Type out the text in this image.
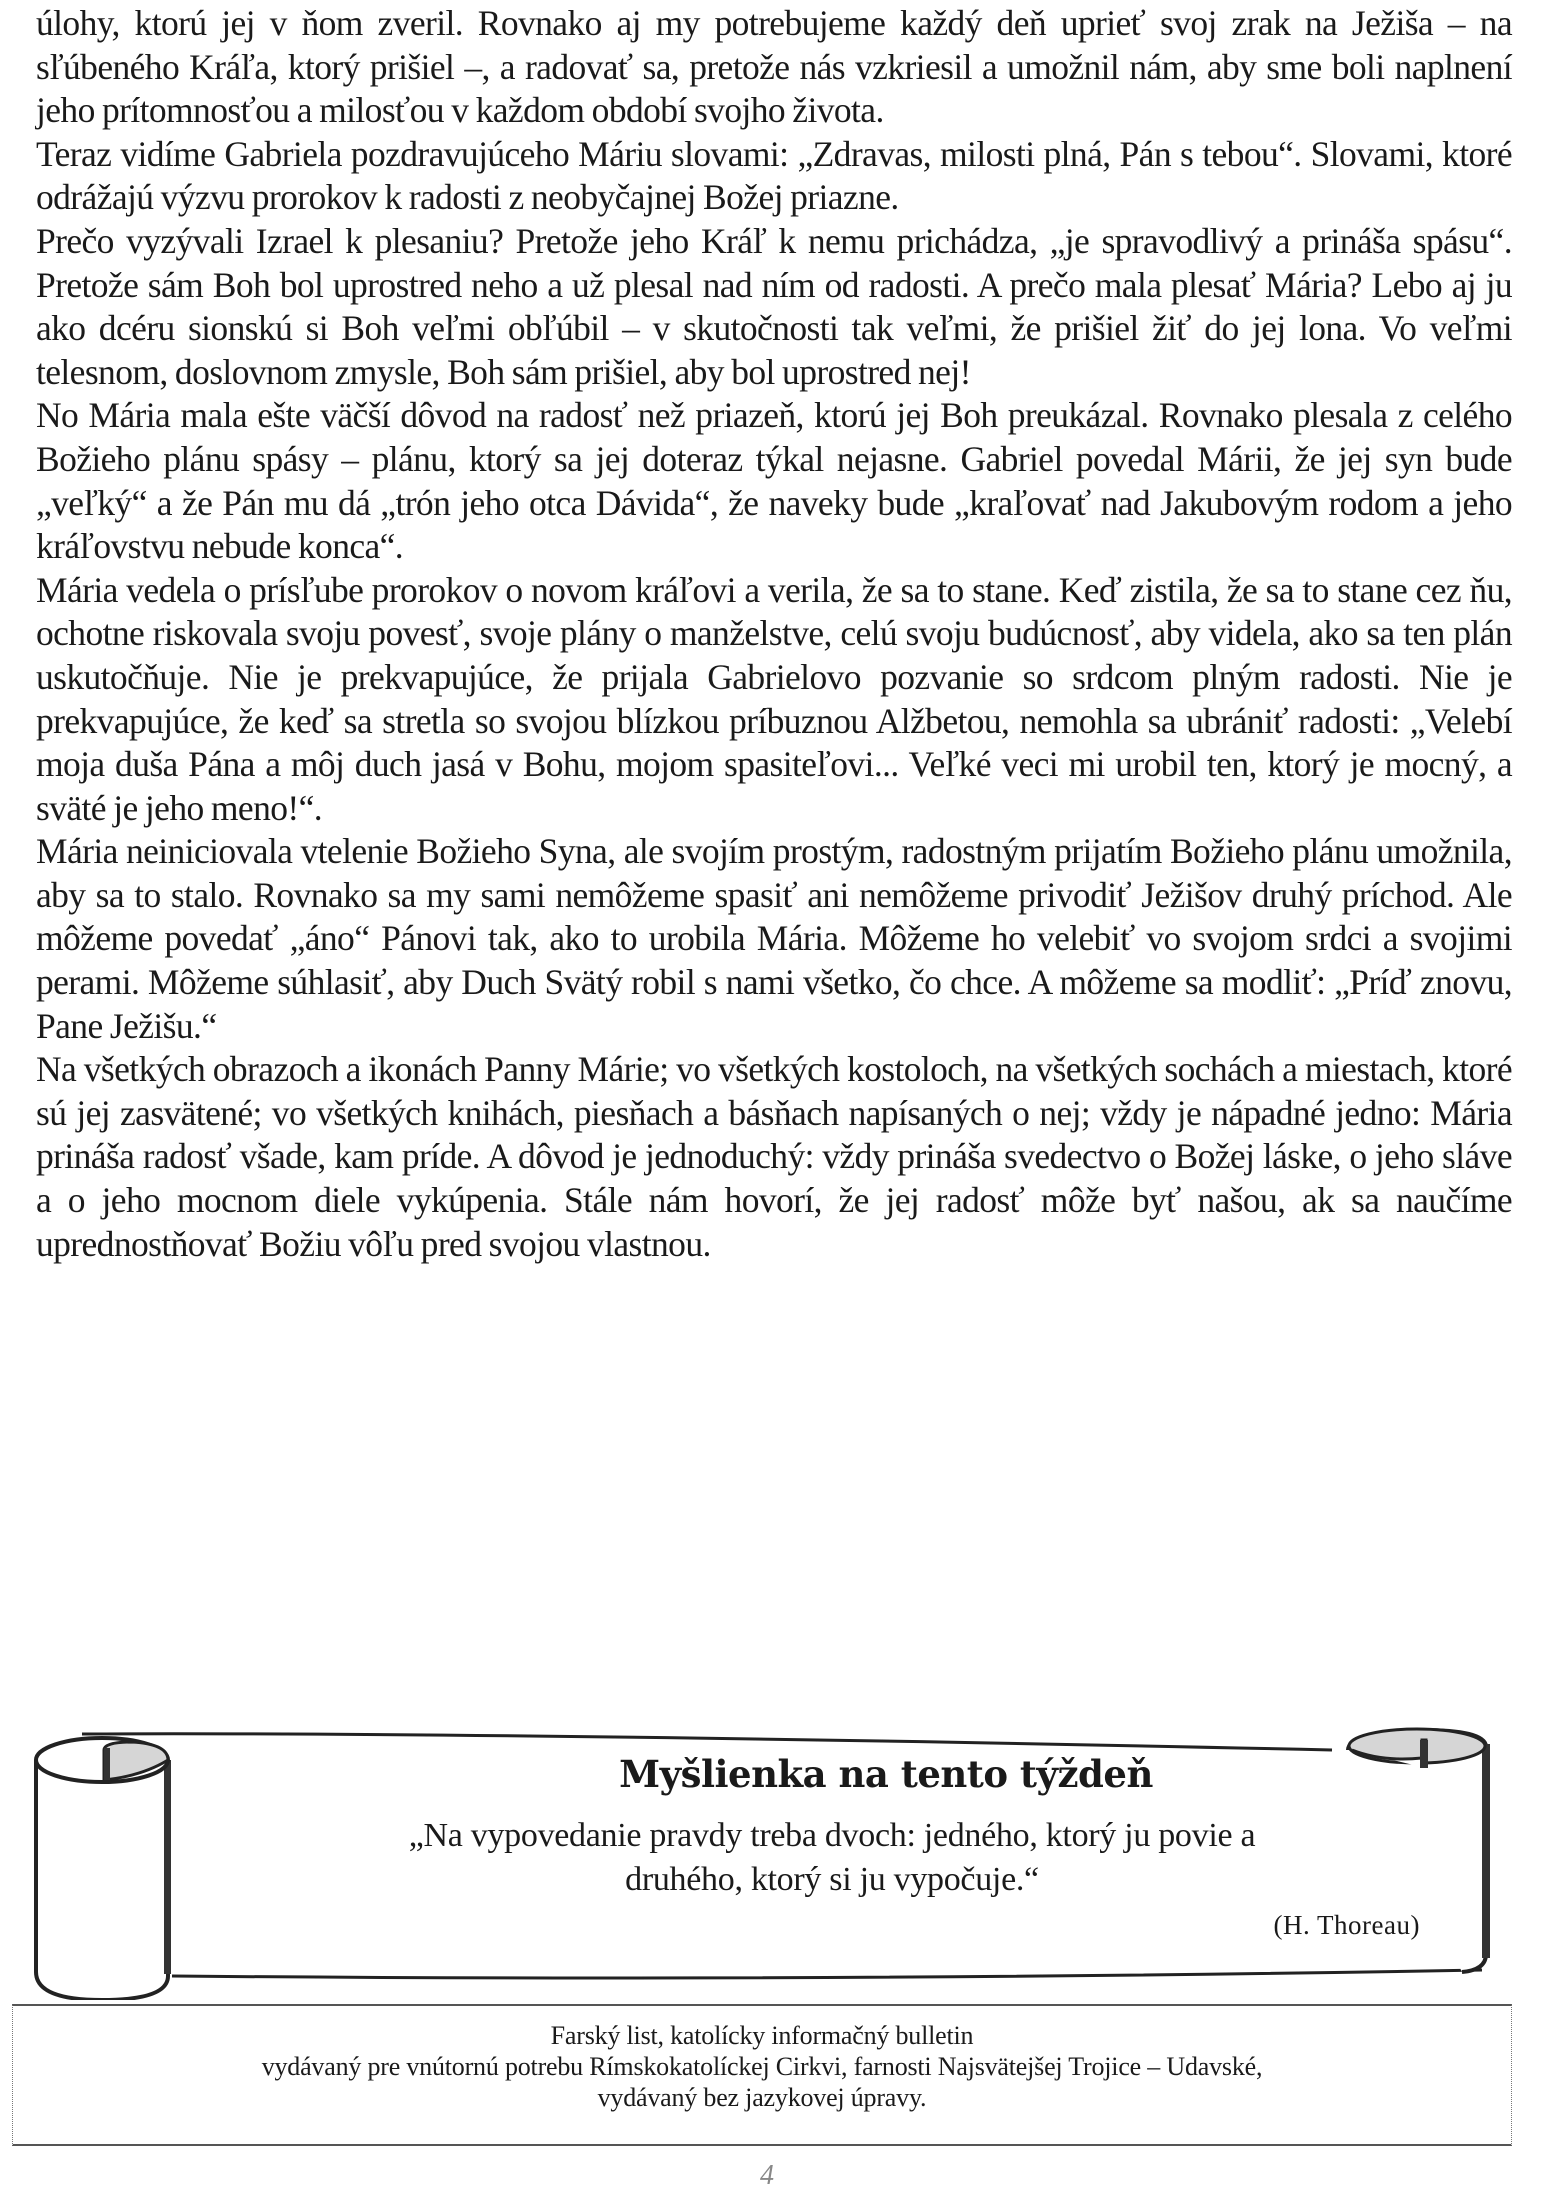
úlohy, ktorú jej v ňom zveril. Rovnako aj my potrebujeme každý deň uprieť svoj zrak na Ježiša – na sľúbeného Kráľa, ktorý prišiel –, a radovať sa, pretože nás vzkriesil a umožnil nám, aby sme boli naplnení jeho prítomnosťou a milosťou v každom období svojho života.

Teraz vidíme Gabriela pozdravujúceho Máriu slovami: „Zdravas, milosti plná, Pán s tebou“. Slovami, ktoré odrážajú výzvu prorokov k radosti z neobyčajnej Božej priazne.

Prečo vyzývali Izrael k plesaniu? Pretože jeho Kráľ k nemu prichádza, „je spravodlivý a prináša spásu“. Pretože sám Boh bol uprostred neho a už plesal nad ním od radosti. A prečo mala plesať Mária? Lebo aj ju ako dcéru sionskú si Boh veľmi obľúbil – v skutočnosti tak veľmi, že prišiel žiť do jej lona. Vo veľmi telesnom, doslovnom zmysle, Boh sám prišiel, aby bol uprostred nej!

No Mária mala ešte väčší dôvod na radosť než priazeň, ktorú jej Boh preukázal. Rovnako plesala z celého Božieho plánu spásy – plánu, ktorý sa jej doteraz týkal nejasne. Gabriel povedal Márii, že jej syn bude „veľký“ a že Pán mu dá „trón jeho otca Dávida“, že naveky bude „kraľovať nad Jakubovým rodom a jeho kráľovstvu nebude konca“.

Mária vedela o prísľube prorokov o novom kráľovi a verila, že sa to stane. Keď zistila, že sa to stane cez ňu, ochotne riskovala svoju povesť, svoje plány o manželstve, celú svoju budúcnosť, aby videla, ako sa ten plán uskutočňuje. Nie je prekvapujúce, že prijala Gabrielovo pozvanie so srdcom plným radosti. Nie je prekvapujúce, že keď sa stretla so svojou blízkou príbuznou Alžbetou, nemohla sa ubrániť radosti: „Velebí moja duša Pána a môj duch jasá v Bohu, mojom spasiteľovi... Veľké veci mi urobil ten, ktorý je mocný, a sväté je jeho meno!“.

Mária neiniciovala vtelenie Božieho Syna, ale svojím prostým, radostným prijatím Božieho plánu umožnila, aby sa to stalo. Rovnako sa my sami nemôžeme spasiť ani nemôžeme privodiť Ježišov druhý príchod. Ale môžeme povedať „áno“ Pánovi tak, ako to urobila Mária. Môžeme ho velebiť vo svojom srdci a svojimi perami. Môžeme súhlasiť, aby Duch Svätý robil s nami všetko, čo chce. A môžeme sa modliť: „Príď znovu, Pane Ježišu.“

Na všetkých obrazoch a ikonách Panny Márie; vo všetkých kostoloch, na všetkých sochách a miestach, ktoré sú jej zasvätené; vo všetkých knihách, piesňach a básňach napísaných o nej; vždy je nápadné jedno: Mária prináša radosť všade, kam príde. A dôvod je jednoduchý: vždy prináša svedectvo o Božej láske, o jeho sláve a o jeho mocnom diele vykúpenia. Stále nám hovorí, že jej radosť môže byť našou, ak sa naučíme uprednostňovať Božiu vôľu pred svojou vlastnou.

Myšlienka na tento týždeň
„Na vypovedanie pravdy treba dvoch: jedného, ktorý ju povie a
druhého, ktorý si ju vypočuje.“
(H. Thoreau)
Farský list, katolícky informačný bulletin
vydávaný pre vnútornú potrebu Rímskokatolíckej Cirkvi, farnosti Najsvätejšej Trojice – Udavské,
vydávaný bez jazykovej úpravy.
4
